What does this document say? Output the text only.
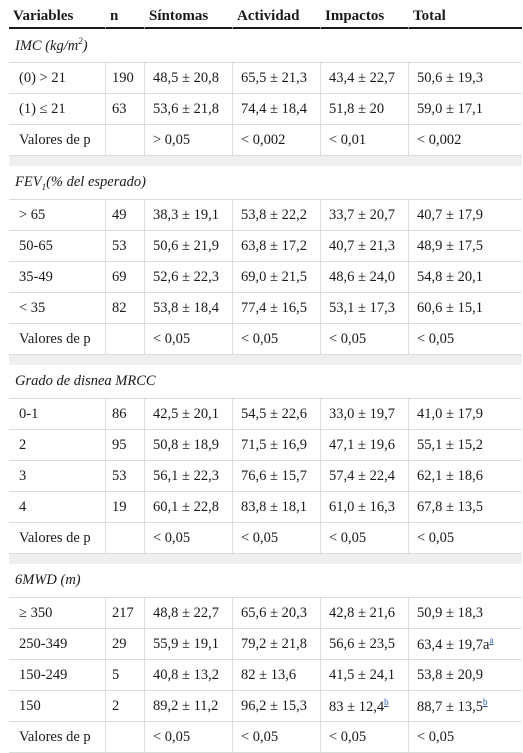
Variables	n	Síntomas	Actividad	Impactos	Total
IMC $(kg/m^2)$					
(0) > 21	190	48,5 ± 20,8	65,5 ± 21,3	43,4 ± 22,7	50,6 ± 19,3
(1) ≤ 21	63	53,6 ± 21,8	74,4 ± 18,4	51,8 ± 20	59,0 ± 17,1
Valores de p		> 0,05	< 0,002	< 0,01	< 0,002

$FEV_1(\%$ del esperado)					
> 65	49	38,3 ± 19,1	53,8 ± 22,2	33,7 ± 20,7	40,7 ± 17,9
50-65	53	50,6 ± 21,9	63,8 ± 17,2	40,7 ± 21,3	48,9 ± 17,5
35-49	69	52,6 ± 22,3	69,0 ± 21,5	48,6 ± 24,0	54,8 ± 20,1
< 35	82	53,8 ± 18,4	77,4 ± 16,5	53,1 ± 17,3	60,6 ± 15,1
Valores de p		< 0,05	< 0,05	< 0,05	< 0,05

Grado de disnea MRCC					
0-1	86	42,5 ± 20,1	54,5 ± 22,6	33,0 ± 19,7	41,0 ± 17,9
2	95	50,8 ± 18,9	71,5 ± 16,9	47,1 ± 19,6	55,1 ± 15,2
3	53	56,1 ± 22,3	76,6 ± 15,7	57,4 ± 22,4	62,1 ± 18,6
4	19	60,1 ± 22,8	83,8 ± 18,1	61,0 ± 16,3	67,8 ± 13,5
Valores de p		< 0,05	< 0,05	< 0,05	< 0,05

6MWD (m)					
≥ 350	217	48,8 ± 22,7	65,6 ± 20,3	42,8 ± 21,6	50,9 ± 18,3
250-349	29	55,9 ± 19,1	79,2 ± 21,8	56,6 ± 23,5	63,4 ± 19,7a$^a$
150-249	5	40,8 ± 13,2	82 ± 13,6	41,5 ± 24,1	53,8 ± 20,9
150	2	89,2 ± 11,2	96,2 ± 15,3	83 ± 12,4$^b$	88,7 ± 13,5$^b$
Valores de p		< 0,05	< 0,05	< 0,05	< 0,05
